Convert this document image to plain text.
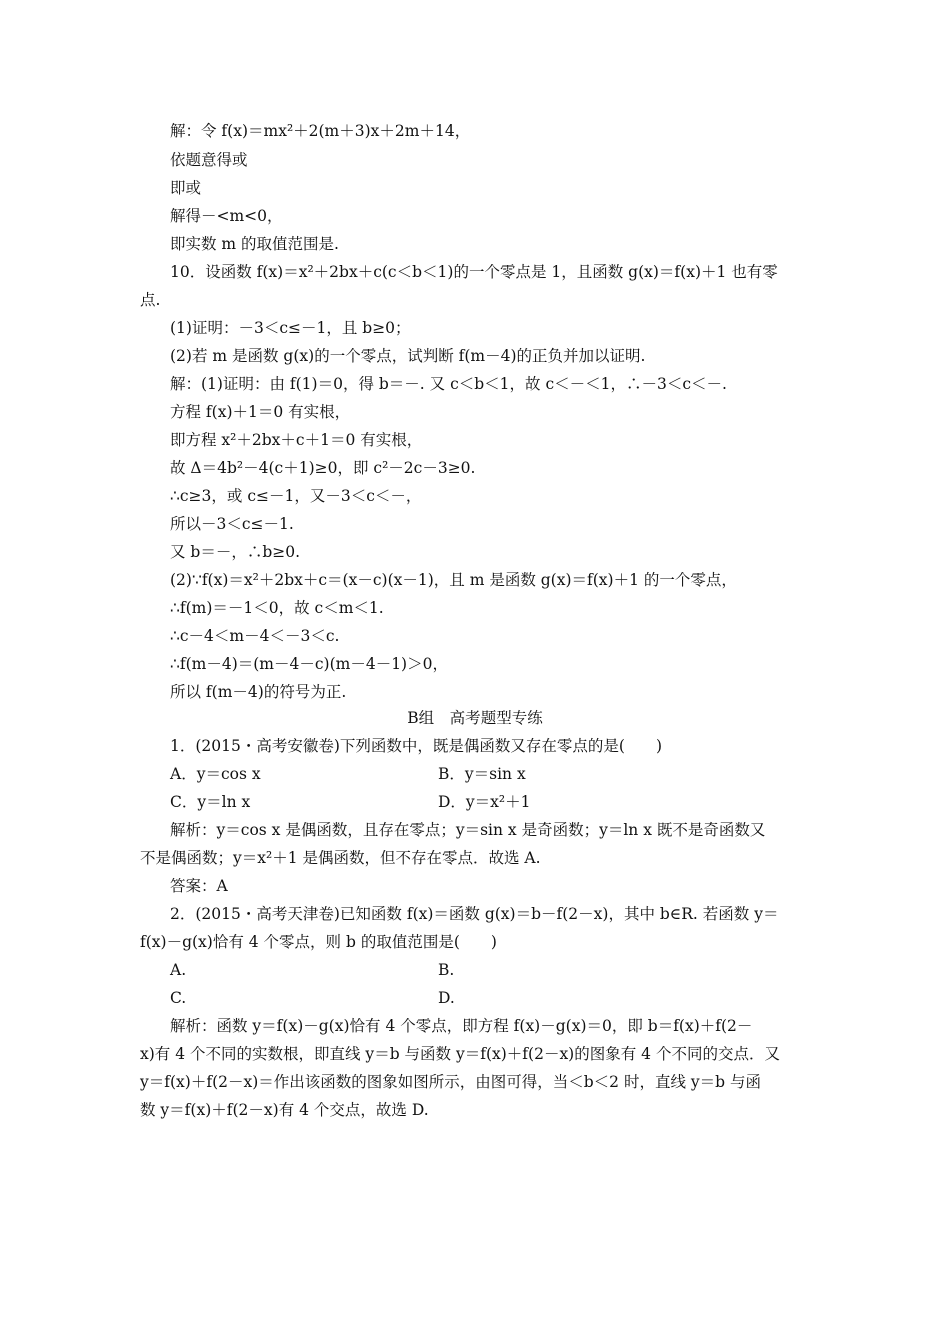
解：令 f(x)＝mx²＋2(m＋3)x＋2m＋14，
依题意得或
即或
解得－<m<0，
即实数 m 的取值范围是.
10．设函数 f(x)＝x²＋2bx＋c(c＜b＜1)的一个零点是 1，且函数 g(x)＝f(x)＋1 也有零
点.
(1)证明：－3＜c≤－1，且 b≥0；
(2)若 m 是函数 g(x)的一个零点，试判断 f(m－4)的正负并加以证明.
解：(1)证明：由 f(1)＝0，得 b＝－. 又 c＜b＜1，故 c＜－＜1，∴－3＜c＜－.
方程 f(x)＋1＝0 有实根，
即方程 x²＋2bx＋c＋1＝0 有实根，
故 Δ＝4b²－4(c＋1)≥0，即 c²－2c－3≥0.
∴c≥3，或 c≤－1，又－3＜c＜－，
所以－3＜c≤－1.
又 b＝－，∴b≥0.
(2)∵f(x)＝x²＋2bx＋c＝(x－c)(x－1)，且 m 是函数 g(x)＝f(x)＋1 的一个零点，
∴f(m)＝－1＜0，故 c＜m＜1.
∴c－4＜m－4＜－3＜c.
∴f(m－4)＝(m－4－c)(m－4－1)＞0，
所以 f(m－4)的符号为正.
B组　高考题型专练
1．(2015・高考安徽卷)下列函数中，既是偶函数又存在零点的是(　　)
A．y＝cos x	B．y＝sin x
C．y＝ln x	D．y＝x²＋1
解析：y＝cos x 是偶函数，且存在零点；y＝sin x 是奇函数；y＝ln x 既不是奇函数又
不是偶函数；y＝x²＋1 是偶函数，但不存在零点．故选 A.
答案：A
2．(2015・高考天津卷)已知函数 f(x)＝函数 g(x)＝b－f(2－x)，其中 b∈R. 若函数 y＝
f(x)－g(x)恰有 4 个零点，则 b 的取值范围是(　　)
A.	B.
C.	D.
解析：函数 y＝f(x)－g(x)恰有 4 个零点，即方程 f(x)－g(x)＝0，即 b＝f(x)＋f(2－
x)有 4 个不同的实数根，即直线 y＝b 与函数 y＝f(x)＋f(2－x)的图象有 4 个不同的交点．又
y＝f(x)＋f(2－x)＝作出该函数的图象如图所示，由图可得，当＜b＜2 时，直线 y＝b 与函
数 y＝f(x)＋f(2－x)有 4 个交点，故选 D.
